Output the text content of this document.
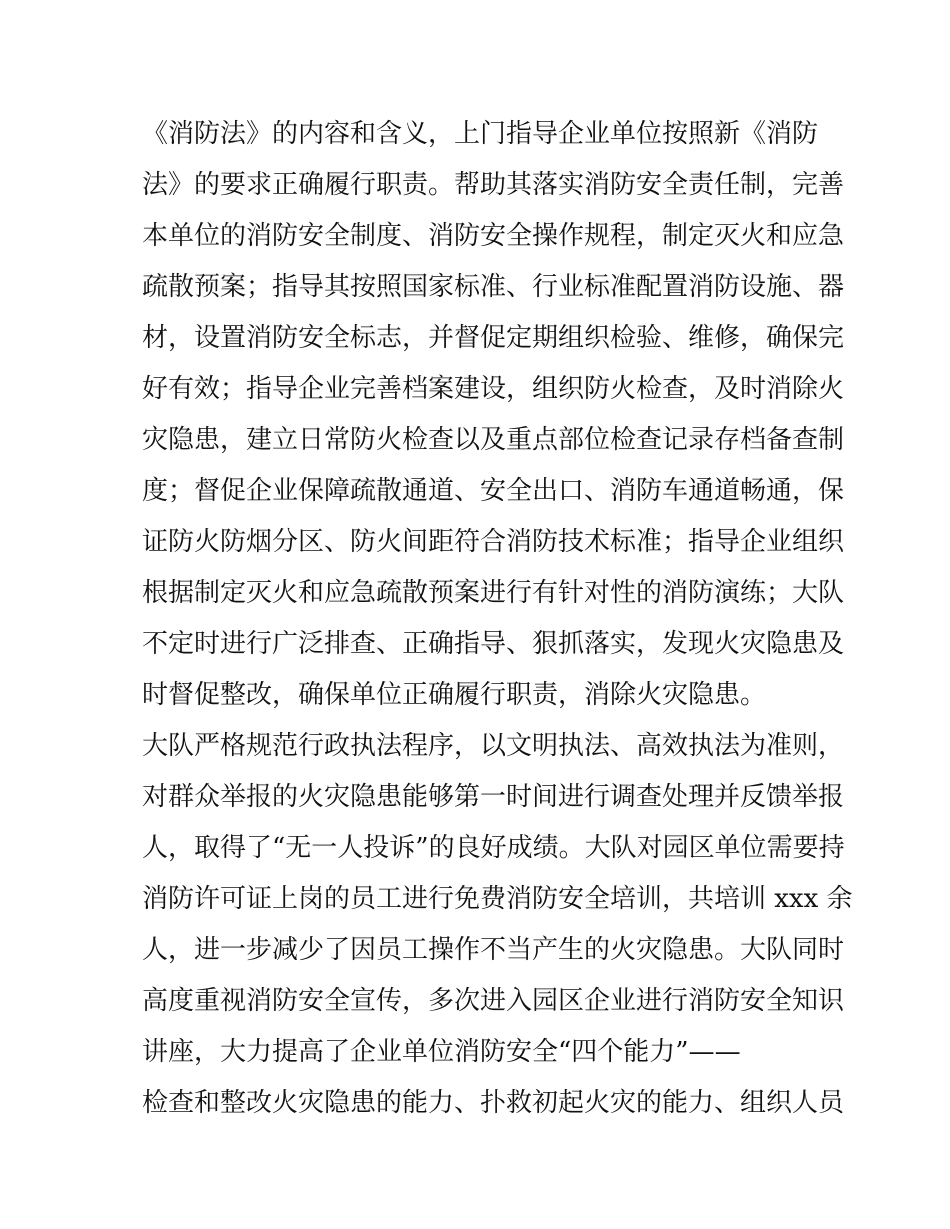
《消防法》的内容和含义，上门指导企业单位按照新《消防
法》的要求正确履行职责。帮助其落实消防安全责任制，完善
本单位的消防安全制度、消防安全操作规程，制定灭火和应急
疏散预案；指导其按照国家标准、行业标准配置消防设施、器
材，设置消防安全标志，并督促定期组织检验、维修，确保完
好有效；指导企业完善档案建设，组织防火检查，及时消除火
灾隐患，建立日常防火检查以及重点部位检查记录存档备查制
度；督促企业保障疏散通道、安全出口、消防车通道畅通，保
证防火防烟分区、防火间距符合消防技术标准；指导企业组织
根据制定灭火和应急疏散预案进行有针对性的消防演练；大队
不定时进行广泛排查、正确指导、狠抓落实，发现火灾隐患及
时督促整改，确保单位正确履行职责，消除火灾隐患。
大队严格规范行政执法程序，以文明执法、高效执法为准则，
对群众举报的火灾隐患能够第一时间进行调查处理并反馈举报
人，取得了“无一人投诉”的良好成绩。大队对园区单位需要持
消防许可证上岗的员工进行免费消防安全培训，共培训 xxx 余
人，进一步减少了因员工操作不当产生的火灾隐患。大队同时
高度重视消防安全宣传，多次进入园区企业进行消防安全知识
讲座，大力提高了企业单位消防安全“四个能力”——
检查和整改火灾隐患的能力、扑救初起火灾的能力、组织人员
